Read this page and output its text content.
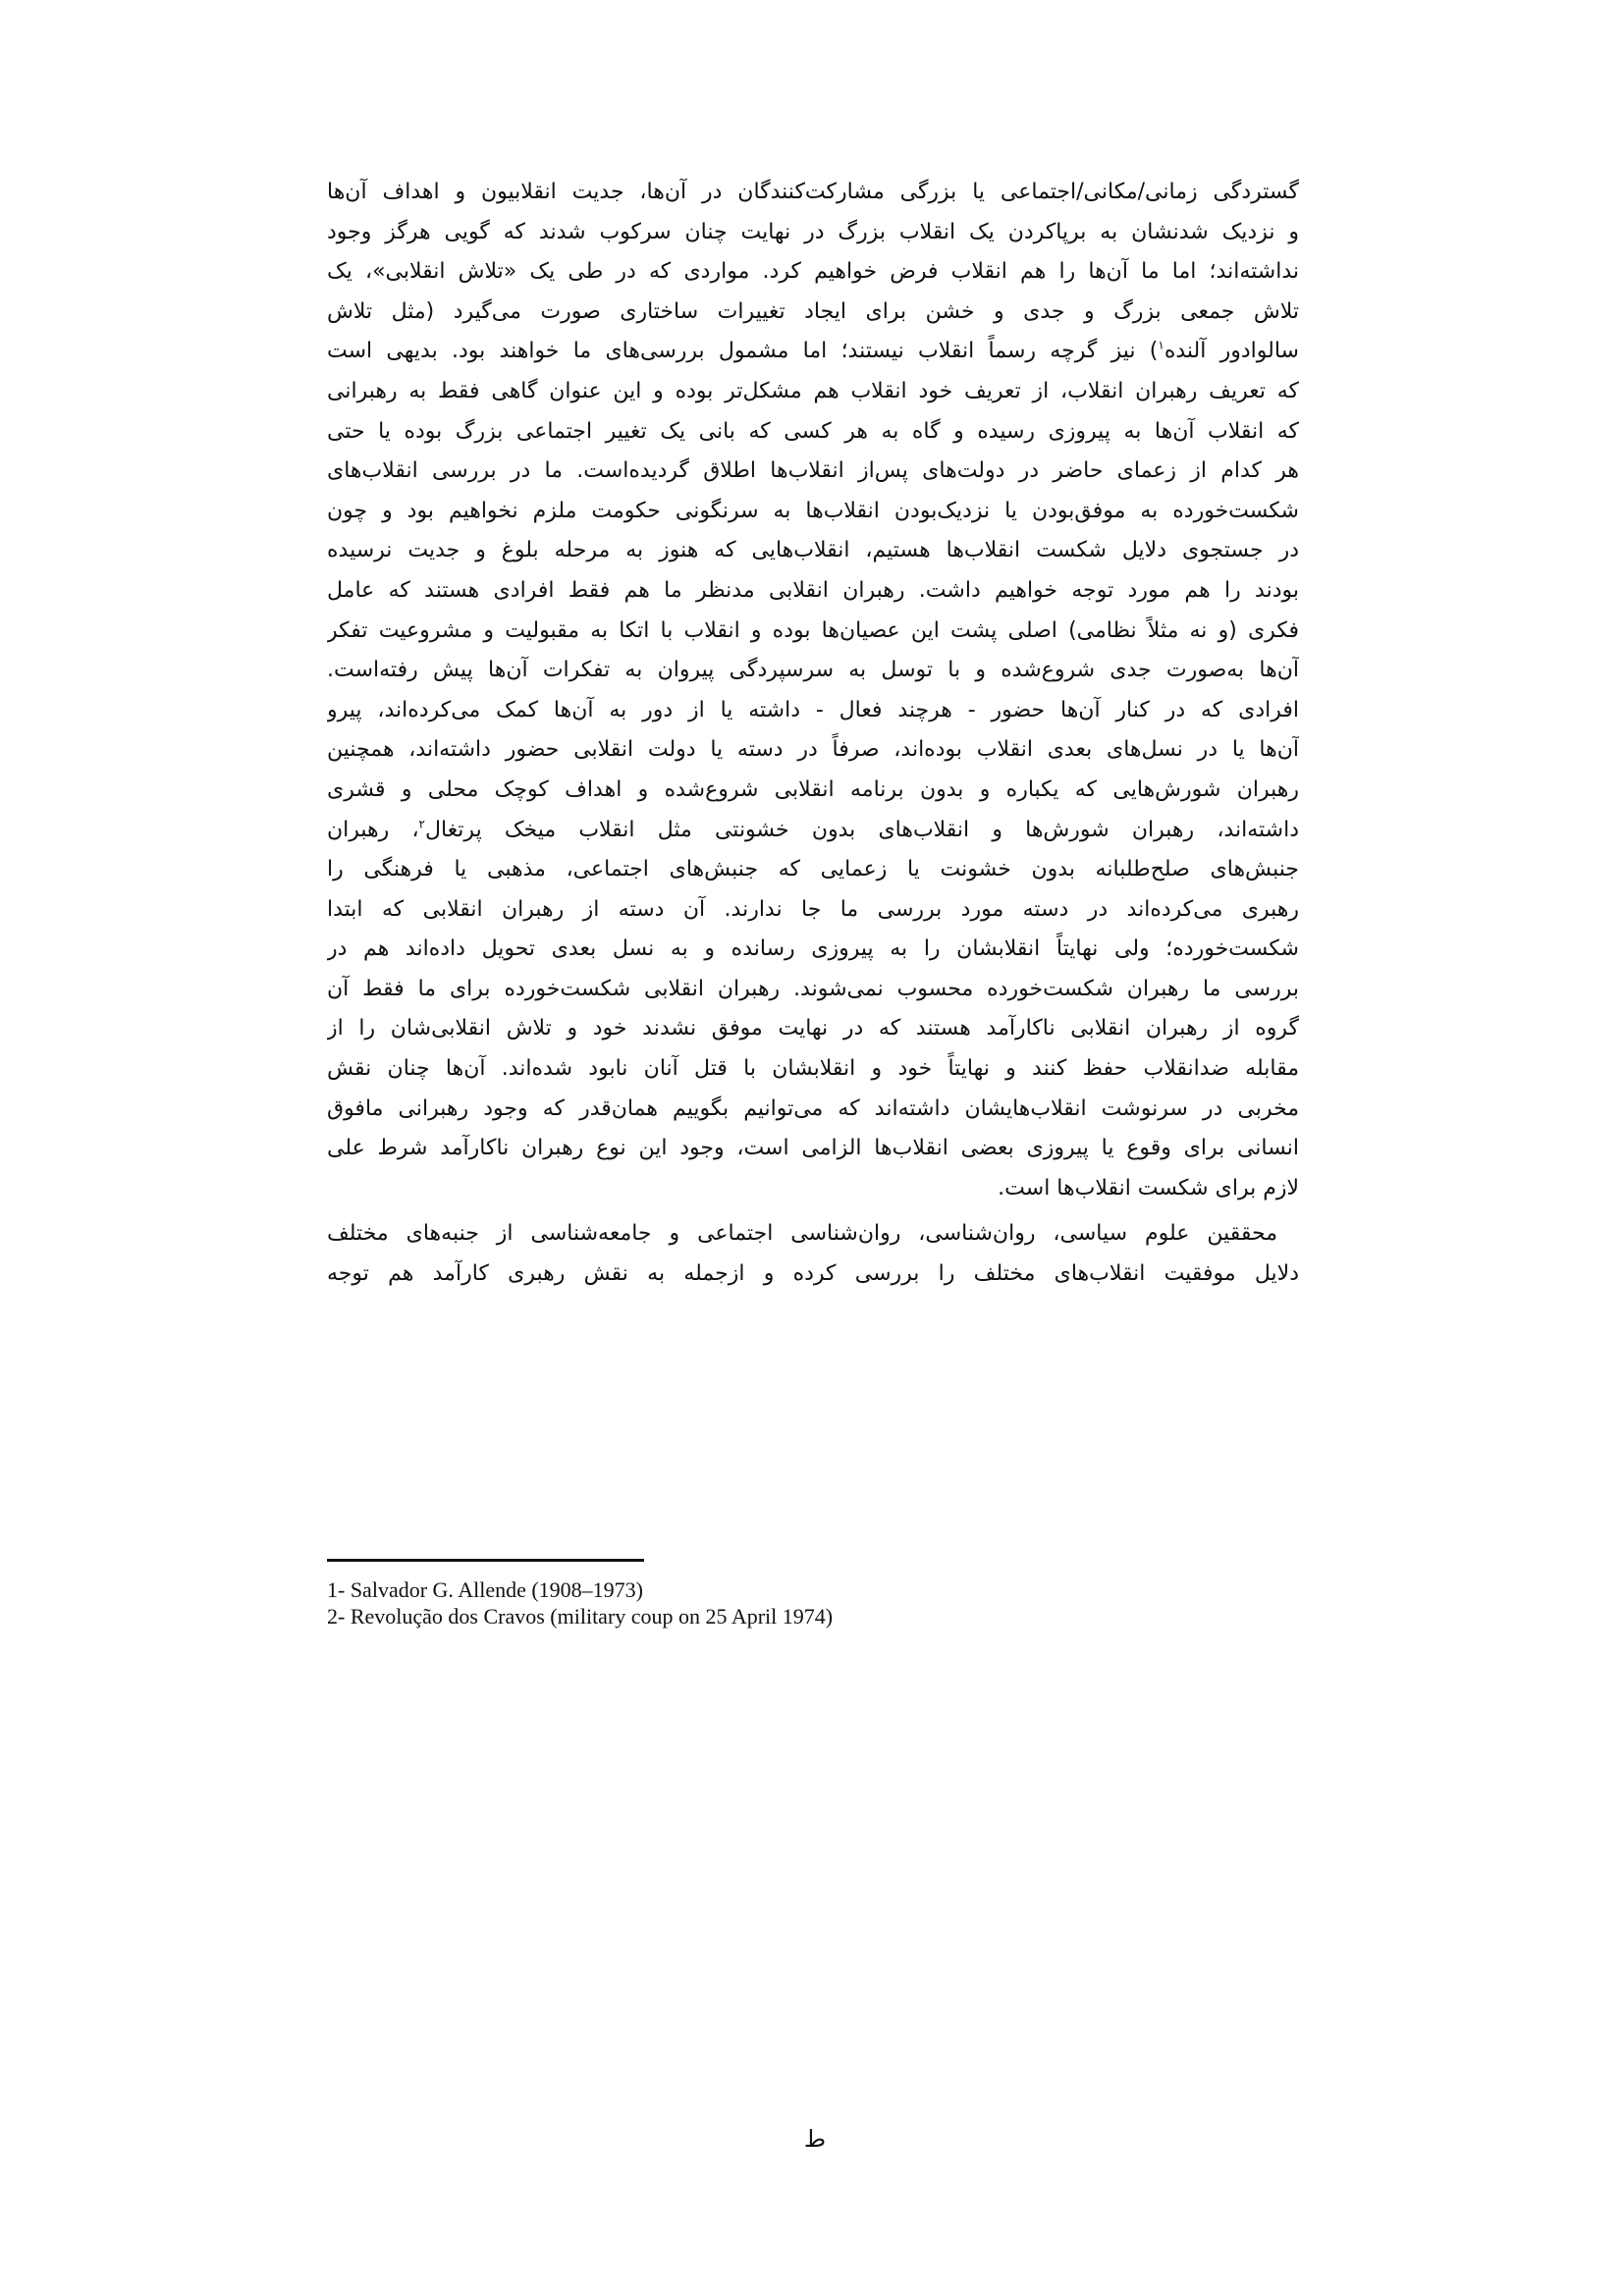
گستردگی زمانی/مکانی/اجتماعی یا بزرگی مشارکت‌کنندگان در آن‌ها، جدیت انقلابیون و اهداف آن‌ها
و نزدیک شدنشان به برپاکردن یک انقلاب بزرگ در نهایت چنان سرکوب شدند که گویی هرگز وجود
نداشته‌اند؛ اما ما آن‌ها را هم انقلاب فرض خواهیم کرد. مواردی که در طی یک «تلاش انقلابی»، یک
تلاش جمعی بزرگ و جدی و خشن برای ایجاد تغییرات ساختاری صورت می‌گیرد (مثل تلاش
سالوادور آلنده$^۱$) نیز گرچه رسماً انقلاب نیستند؛ اما مشمول بررسی‌های ما خواهند بود. بدیهی است
که تعریف رهبران انقلاب، از تعریف خود انقلاب هم مشکل‌تر بوده و این عنوان گاهی فقط به رهبرانی
که انقلاب آن‌ها به پیروزی رسیده و گاه به هر کسی که بانی یک تغییر اجتماعی بزرگ بوده یا حتی
هر کدام از زعمای حاضر در دولت‌های پس‌از انقلاب‌ها اطلاق گردیده‌است. ما در بررسی انقلاب‌های
شکست‌خورده به موفق‌بودن یا نزدیک‌بودن انقلاب‌ها به سرنگونی حکومت ملزم نخواهیم بود و چون
در جستجوی دلایل شکست انقلاب‌ها هستیم، انقلاب‌هایی که هنوز به مرحله بلوغ و جدیت نرسیده
بودند را هم مورد توجه خواهیم داشت. رهبران انقلابی مدنظر ما هم فقط افرادی هستند که عامل
فکری (و نه مثلاً نظامی) اصلی پشت این عصیان‌ها بوده و انقلاب با اتکا به مقبولیت و مشروعیت تفکر
آن‌ها به‌صورت جدی شروع‌شده و با توسل به سرسپردگی پیروان به تفکرات آن‌ها پیش رفته‌است.
افرادی که در کنار آن‌ها حضور - هرچند فعال - داشته یا از دور به آن‌ها کمک می‌کرده‌اند، پیرو
آن‌ها یا در نسل‌های بعدی انقلاب بوده‌اند، صرفاً در دسته یا دولت انقلابی حضور داشته‌اند، همچنین
رهبران شورش‌هایی که یکباره و بدون برنامه انقلابی شروع‌شده و اهداف کوچک محلی و قشری
داشته‌اند، رهبران شورش‌ها و انقلاب‌های بدون خشونتی مثل انقلاب میخک پرتغال$^۲$، رهبران
جنبش‌های صلح‌طلبانه بدون خشونت یا زعمایی که جنبش‌های اجتماعی، مذهبی یا فرهنگی را
رهبری می‌کرده‌اند در دسته مورد بررسی ما جا ندارند. آن دسته از رهبران انقلابی که ابتدا
شکست‌خورده؛ ولی نهایتاً انقلابشان را به پیروزی رسانده و به نسل بعدی تحویل داده‌اند هم در
بررسی ما رهبران شکست‌خورده محسوب نمی‌شوند. رهبران انقلابی شکست‌خورده برای ما فقط آن
گروه از رهبران انقلابی ناکارآمد هستند که در نهایت موفق نشدند خود و تلاش انقلابی‌شان را از
مقابله ضدانقلاب حفظ کنند و نهایتاً خود و انقلابشان با قتل آنان نابود شده‌اند. آن‌ها چنان نقش
مخربی در سرنوشت انقلاب‌هایشان داشته‌اند که می‌توانیم بگوییم همان‌قدر که وجود رهبرانی مافوق
انسانی برای وقوع یا پیروزی بعضی انقلاب‌ها الزامی است، وجود این نوع رهبران ناکارآمد شرط علی
لازم برای شکست انقلاب‌ها است.
محققین علوم سیاسی، روان‌شناسی، روان‌شناسی اجتماعی و جامعه‌شناسی از جنبه‌های مختلف
دلایل موفقیت انقلاب‌های مختلف را بررسی کرده و ازجمله به نقش رهبری کارآمد هم توجه
1- Salvador G. Allende (1908–1973)
2- Revolução dos Cravos (military coup on 25 April 1974)
ط
